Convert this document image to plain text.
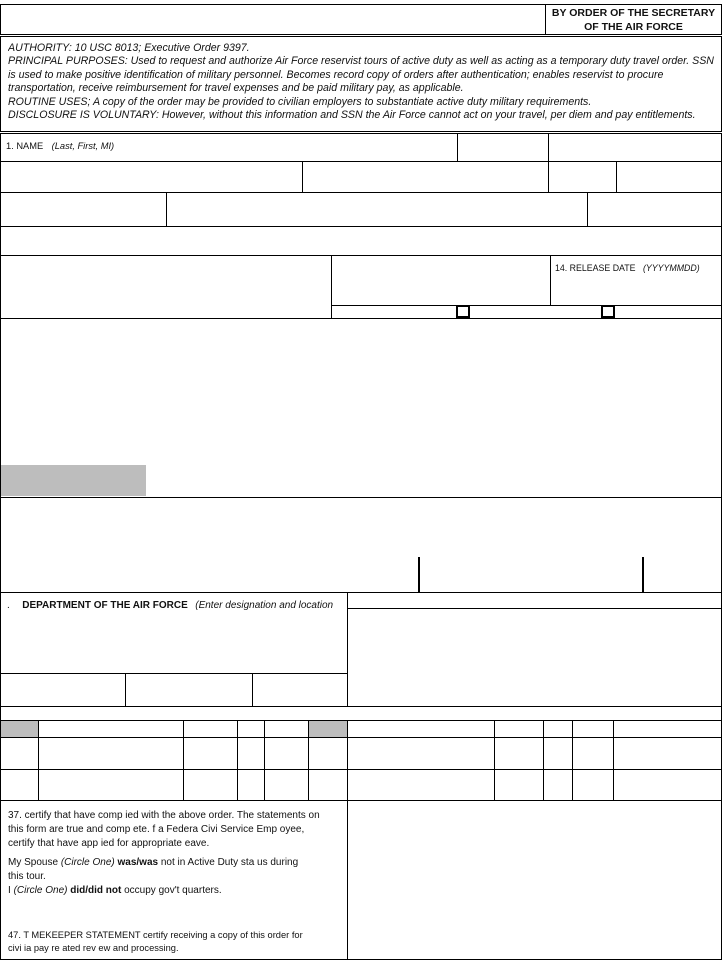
BY ORDER OF THE SECRETARY
OF THE AIR FORCE
AUTHORITY: 10 USC 8013; Executive Order 9397.
PRINCIPAL PURPOSES: Used to request and authorize Air Force reservist tours of active duty as well as acting as a temporary duty travel order. SSN
is used to make positive identification of military personnel. Becomes record copy of orders after authentication; enables reservist to procure
transportation, receive reimbursement for travel expenses and be paid military pay, as applicable.
ROUTINE USES; A copy of the order may be provided to civilian employers to substantiate active duty military requirements.
DISCLOSURE IS VOLUNTARY: However, without this information and SSN the Air Force cannot act on your travel, per diem and pay entitlements.
1. NAME (Last, First, MI)
14. RELEASE DATE (YYYYMMDD)
. DEPARTMENT OF THE AIR FORCE (Enter designation and location
37. certify that have comp ied with the above order. The statements on
this form are true and comp ete. f a Federa Civi Service Emp oyee,
certify that have app ied for appropriate eave.
My Spouse (Circle One) was/was not in Active Duty sta us during
this tour.
I (Circle One) did/did not occupy gov't quarters.
47. T MEKEEPER STATEMENT certify receiving a copy of this order for
civi ia pay re ated rev ew and processing.
